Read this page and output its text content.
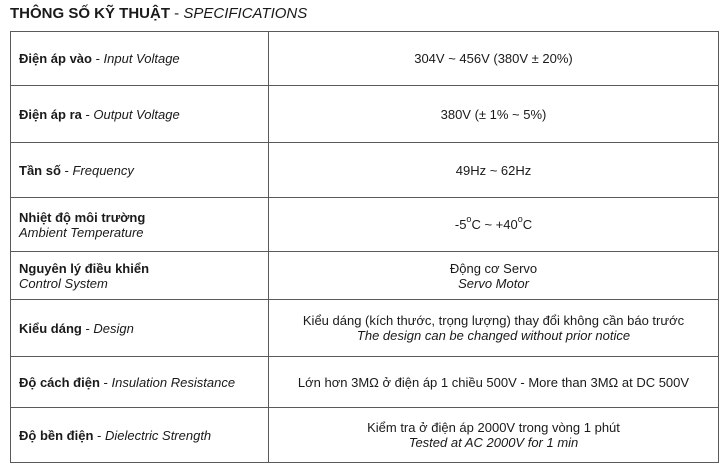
THÔNG SỐ KỸ THUẬT - SPECIFICATIONS
Điện áp vào - Input Voltage	304V ~ 456V (380V ± 20%)
Điện áp ra - Output Voltage	380V (± 1% ~ 5%)
Tần số - Frequency	49Hz ~ 62Hz

Nhiệt độ môi trường
Ambient Temperature	-5$^o$C ~ $+40^oC$

Nguyên lý điều khiển
Control System	Động cơ Servo
Servo Motor

Kiểu dáng - Design	Kiểu dáng (kích thước, trọng lượng) thay đổi không cần báo trước
The design can be changed without prior notice

Độ cách điện - Insulation Resistance	Lớn hơn 3MΩ ở điện áp 1 chiều 500V - More than 3MΩ at DC 500V
Độ bền điện - Dielectric Strength	Kiểm tra ở điện áp 2000V trong vòng 1 phút
Tested at AC 2000V for 1 min
